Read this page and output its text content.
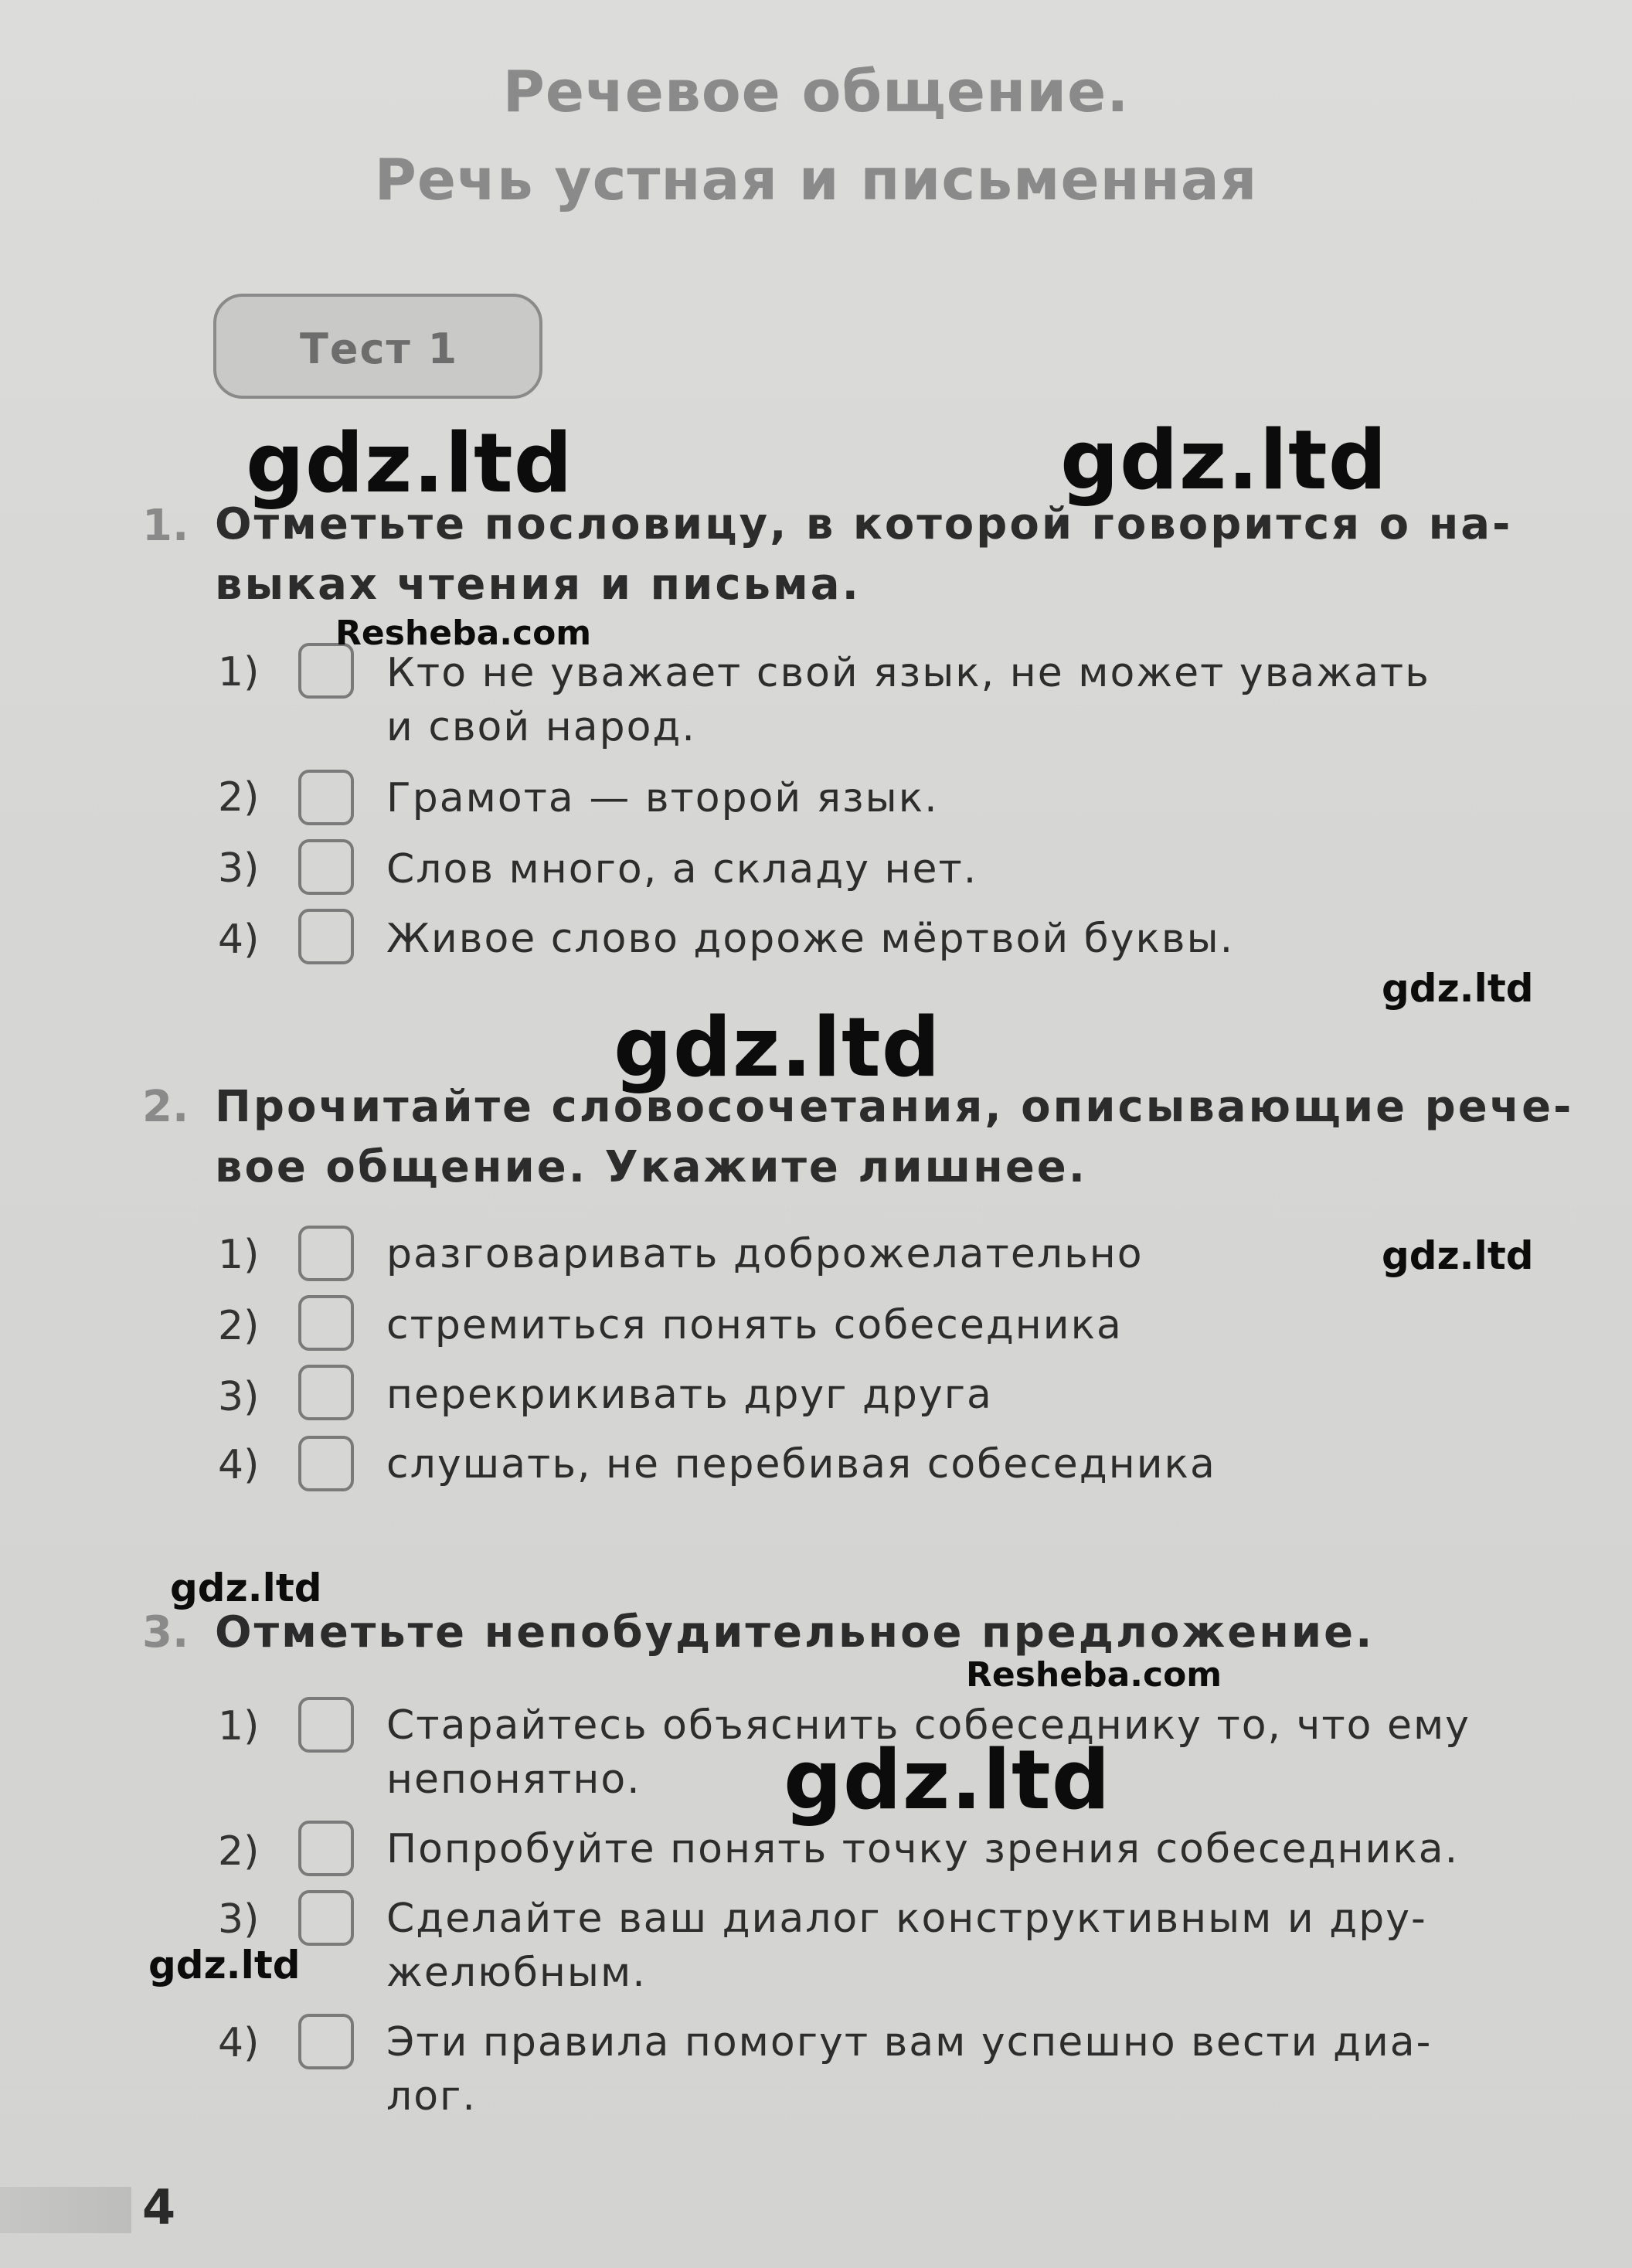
Речевое общение.
Речь устная и письменная
Тест 1
1. Отметьте пословицу, в которой говорится о на-
выках чтения и письма.
1)	Кто не уважает свой язык, не может уважать
и свой народ.
2)	Грамота — второй язык.
3)	Слов много, а складу нет.
4)	Живое слово дороже мёртвой буквы.
2. Прочитайте словосочетания, описывающие рече-
вое общение. Укажите лишнее.
1)	разговаривать доброжелательно
2)	стремиться понять собеседника
3)	перекрикивать друг друга
4)	слушать, не перебивая собеседника
3. Отметьте непобудительное предложение.
1)	Старайтесь объяснить собеседнику то, что ему
непонятно.
2)	Попробуйте понять точку зрения собеседника.
3)	Сделайте ваш диалог конструктивным и дру-
желюбным.
4)	Эти правила помогут вам успешно вести диа-
лог.
4
gdz.ltd	gdz.ltd
Resheba.com
gdz.ltd
gdz.ltd
gdz.ltd
gdz.ltd
Resheba.com
gdz.ltd
gdz.ltd
